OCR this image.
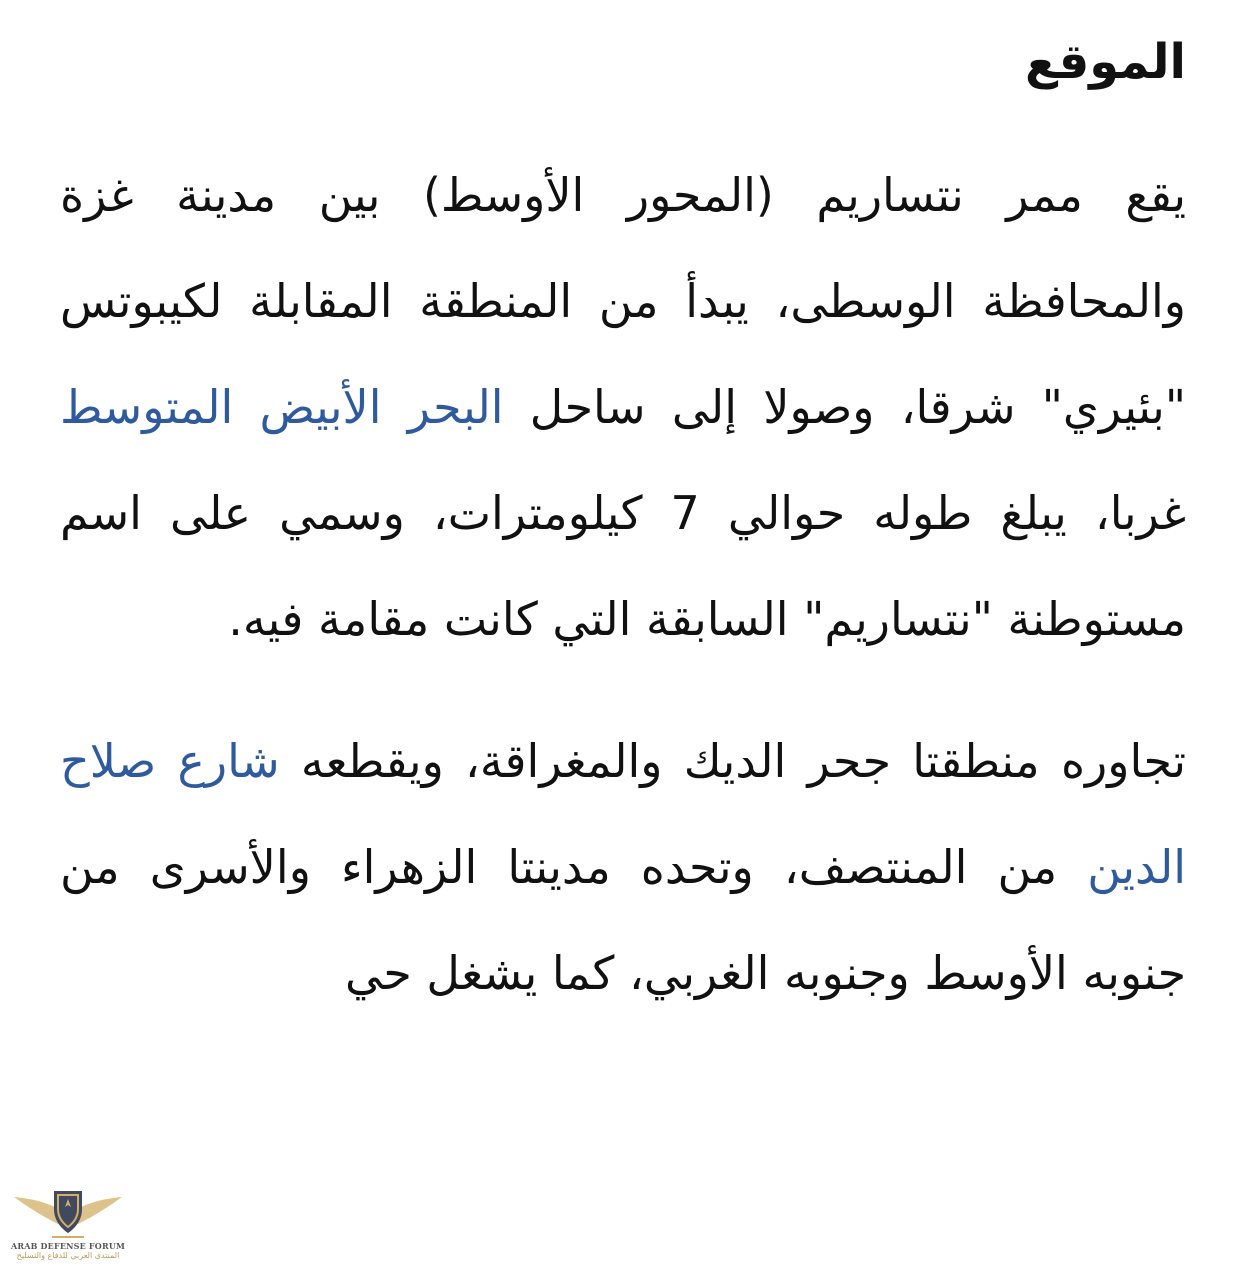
الموقع

يقع ممر نتساريم (المحور الأوسط) بين مدينة غزة والمحافظة الوسطى، يبدأ من المنطقة المقابلة لكيبوتس "بئيري" شرقا، وصولا إلى ساحل البحر الأبيض المتوسط غربا، يبلغ طوله حوالي 7 كيلومترات، وسمي على اسم مستوطنة "نتساريم" السابقة التي كانت مقامة فيه.

تجاوره منطقتا جحر الديك والمغراقة، ويقطعه شارع صلاح الدين من المنتصف، وتحده مدينتا الزهراء والأسرى من جنوبه الأوسط وجنوبه الغربي، كما يشغل حي

ARAB DEFENSE FORUM
المنتدى العربي للدفاع والتسليح
